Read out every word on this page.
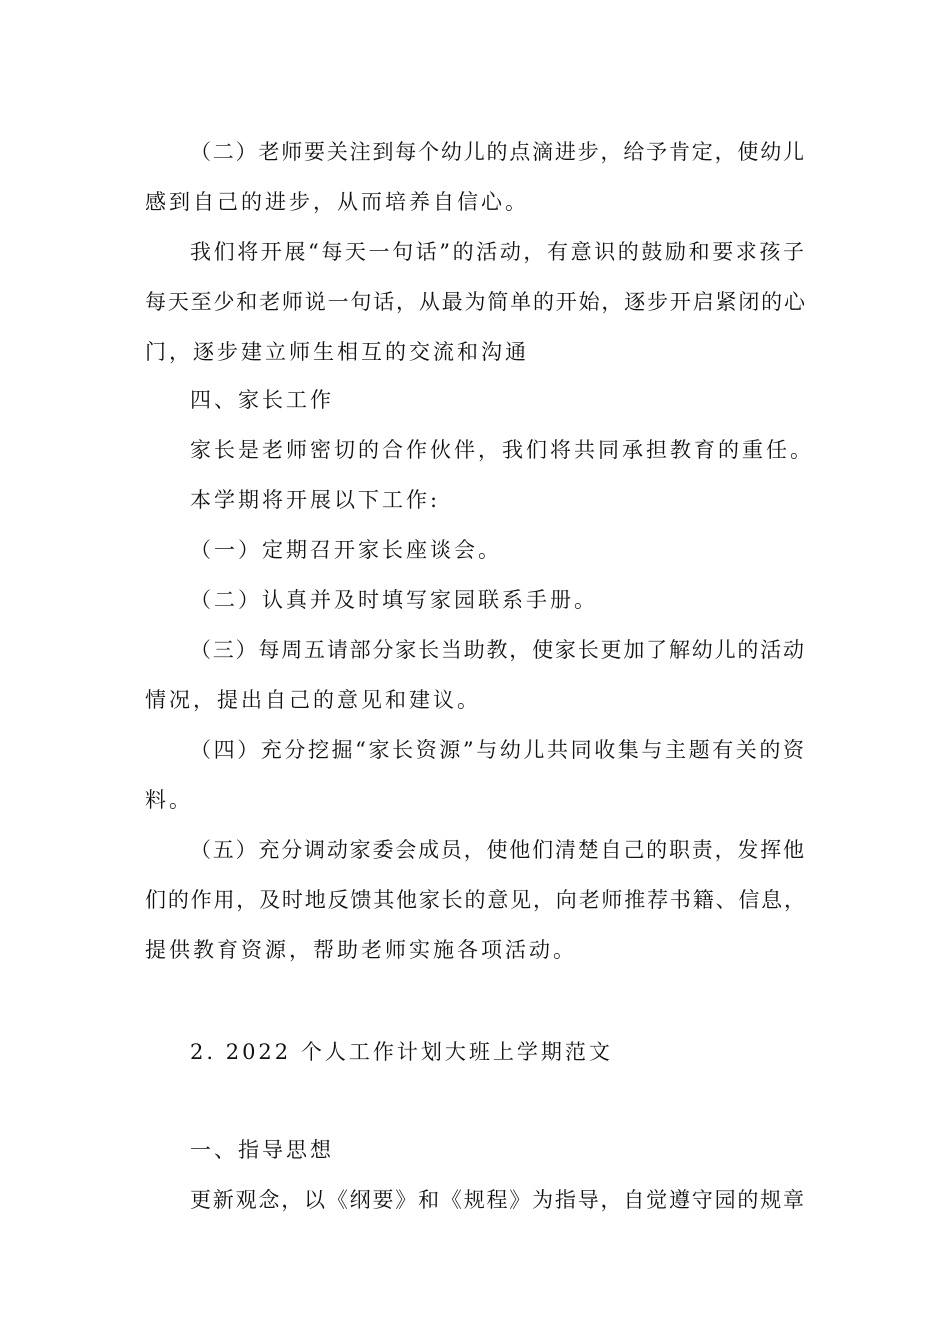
（二）老师要关注到每个幼儿的点滴进步，给予肯定，使幼儿
感到自己的进步，从而培养自信心。
我们将开展“每天一句话”的活动，有意识的鼓励和要求孩子
每天至少和老师说一句话，从最为简单的开始，逐步开启紧闭的心
门，逐步建立师生相互的交流和沟通
四、家长工作
家长是老师密切的合作伙伴，我们将共同承担教育的重任。
本学期将开展以下工作:
（一）定期召开家长座谈会。
（二）认真并及时填写家园联系手册。
（三）每周五请部分家长当助教，使家长更加了解幼儿的活动
情况，提出自己的意见和建议。
（四）充分挖掘“家长资源”与幼儿共同收集与主题有关的资
料。
（五）充分调动家委会成员，使他们清楚自己的职责，发挥他
们的作用，及时地反馈其他家长的意见，向老师推荐书籍、信息，
提供教育资源，帮助老师实施各项活动。
2. 2022 个人工作计划大班上学期范文
一、指导思想
更新观念，以《纲要》和《规程》为指导，自觉遵守园的规章
